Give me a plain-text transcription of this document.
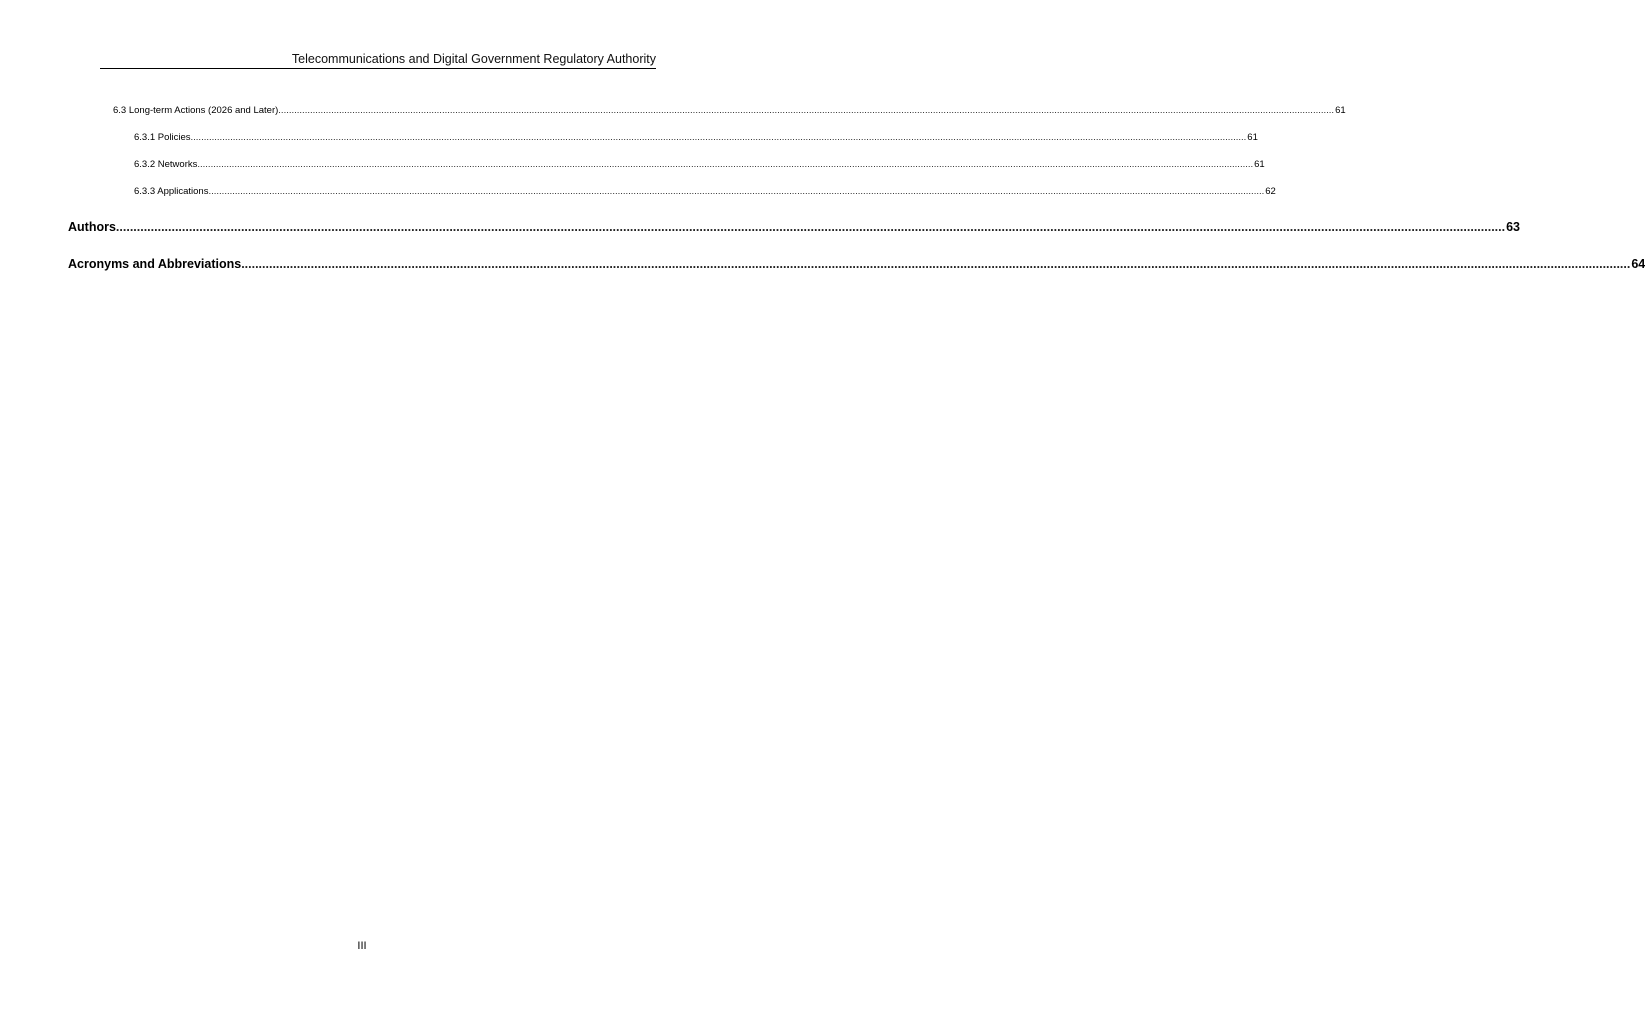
Telecommunications and Digital Government Regulatory Authority
6.3 Long-term Actions (2026 and Later) ................................................................................................................................................................................................................................................................................................................................................................................................................ 61
6.3.1 Policies ................................................................................................................................................................................................................................................................................................................................................................................................................ 61
6.3.2 Networks ................................................................................................................................................................................................................................................................................................................................................................................................................ 61
6.3.3 Applications ................................................................................................................................................................................................................................................................................................................................................................................................................ 62
Authors ................................................................................................................................................................................................................................................................................................................................................................................................................ 63
Acronyms and Abbreviations ................................................................................................................................................................................................................................................................................................................................................................................................................ 64
III
